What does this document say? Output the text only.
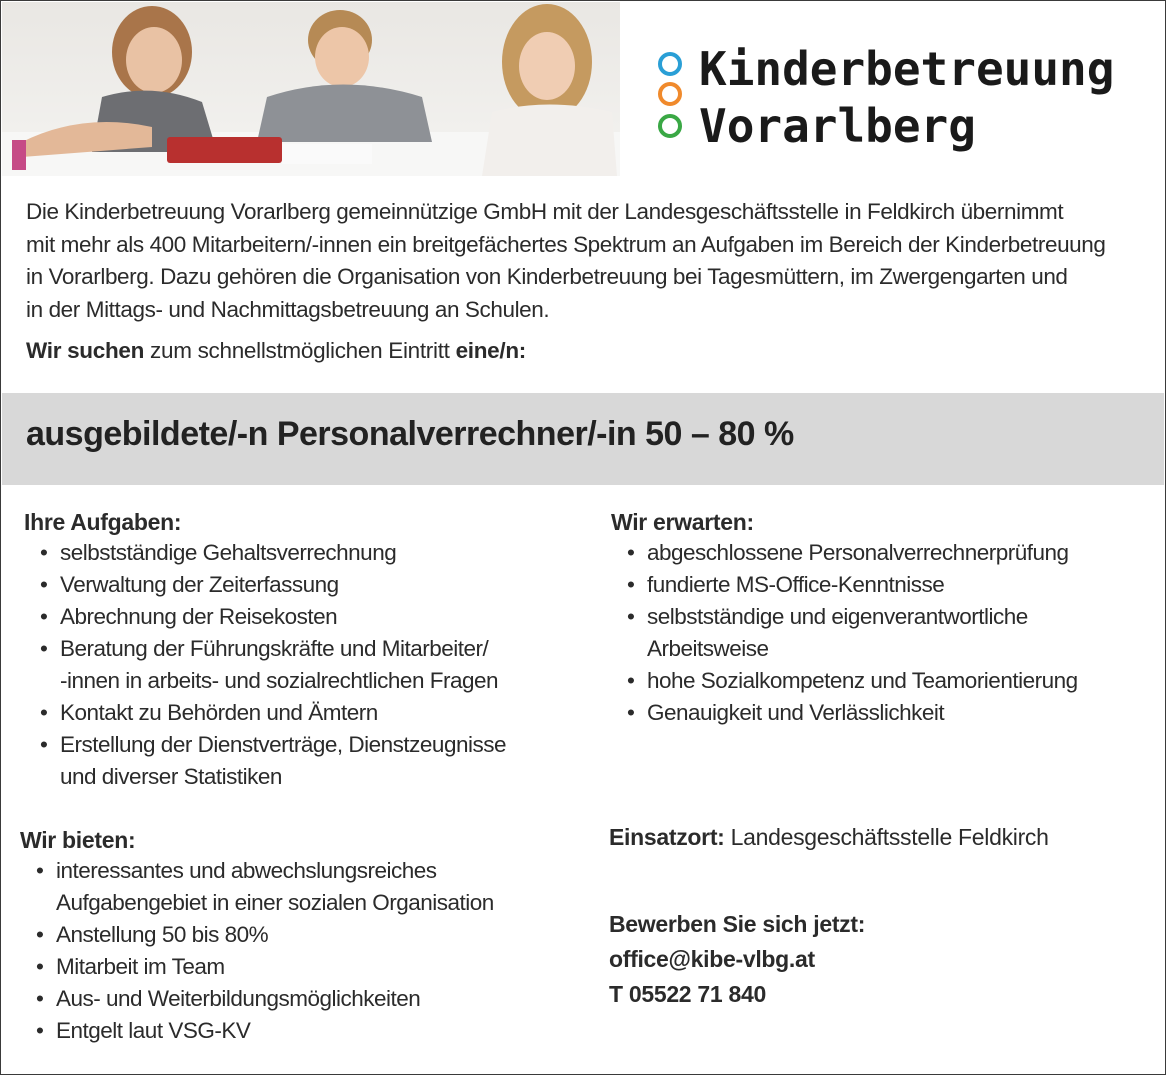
Kinderbetreuung
Vorarlberg

Die Kinderbetreuung Vorarlberg gemeinnützige GmbH mit der Landesgeschäftsstelle in Feldkirch übernimmt

mit mehr als 400 Mitarbeitern/-innen ein breitgefächertes Spektrum an Aufgaben im Bereich der Kinderbetreuung

in Vorarlberg. Dazu gehören die Organisation von Kinderbetreuung bei Tagesmüttern, im Zwergengarten und

in der Mittags- und Nachmittagsbetreuung an Schulen.

Wir suchen zum schnellstmöglichen Eintritt eine/n:
ausgebildete/-n Personalverrechner/-in 50 – 80 %
Ihre Aufgaben:
• selbstständige Gehaltsverrechnung
• Verwaltung der Zeiterfassung
• Abrechnung der Reisekosten
• Beratung der Führungskräfte und Mitarbeiter/
-innen in arbeits- und sozialrechtlichen Fragen
• Kontakt zu Behörden und Ämtern
• Erstellung der Dienstverträge, Dienstzeugnisse
und diverser Statistiken
Wir erwarten:
• abgeschlossene Personalverrechnerprüfung
• fundierte MS-Office-Kenntnisse
• selbstständige und eigenverantwortliche
Arbeitsweise
• hohe Sozialkompetenz und Teamorientierung
• Genauigkeit und Verlässlichkeit
Wir bieten:
• interessantes und abwechslungsreiches
Aufgabengebiet in einer sozialen Organisation
• Anstellung 50 bis 80%
• Mitarbeit im Team
• Aus- und Weiterbildungsmöglichkeiten
• Entgelt laut VSG-KV
Einsatzort: Landesgeschäftsstelle Feldkirch
Bewerben Sie sich jetzt:
office@kibe-vlbg.at
T 05522 71 840
